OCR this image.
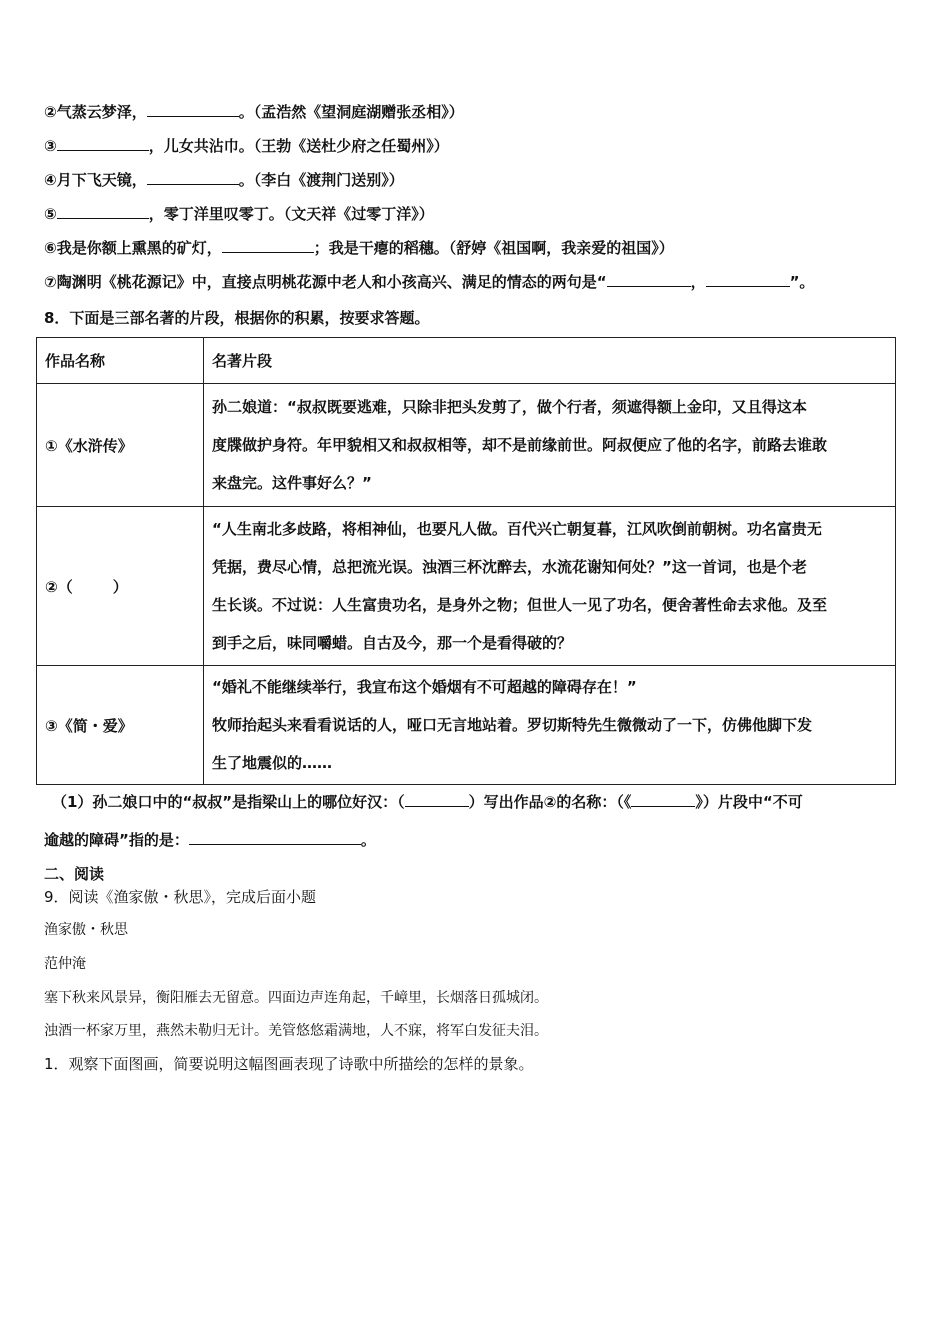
②气蒸云梦泽，	。（孟浩然《望洞庭湖赠张丞相》）
③	，儿女共沾巾。（王勃《送杜少府之任蜀州》）
④月下飞天镜，	。（李白《渡荆门送别》）
⑤	，零丁洋里叹零丁。（文天祥《过零丁洋》）
⑥我是你额上熏黑的矿灯，	；我是干瘪的稻穗。（舒婷《祖国啊，我亲爱的祖国》）
⑦陶渊明《桃花源记》中，直接点明桃花源中老人和小孩高兴、满足的情态的两句是“	，	”。
8．下面是三部名著的片段，根据你的积累，按要求答题。
作品名称	名著片段
①《水浒传》	孙二娘道：“叔叔既要逃难，只除非把头发剪了，做个行者，须遮得额上金印，又且得这本
度牒做护身符。年甲貌相又和叔叔相等，却不是前缘前世。阿叔便应了他的名字，前路去谁敢
来盘完。这件事好么？”

②（ ）	“人生南北多歧路，将相神仙，也要凡人做。百代兴亡朝复暮，江风吹倒前朝树。功名富贵无
凭据，费尽心情，总把流光误。浊酒三杯沈醉去，水流花谢知何处？”这一首词，也是个老
生长谈。不过说：人生富贵功名，是身外之物；但世人一见了功名，便舍著性命去求他。及至
到手之后，味同嚼蜡。自古及今，那一个是看得破的？

③《简・爱》	“婚礼不能继续举行，我宣布这个婚烟有不可超越的障碍存在！”
牧师抬起头来看看说话的人，哑口无言地站着。罗切斯特先生微微动了一下，仿佛他脚下发
生了地震似的……
（1）孙二娘口中的“叔叔”是指梁山上的哪位好汉：（	）写出作品②的名称：（《	》）片段中“不可
逾越的障碍”指的是：	。
二、阅读
9．阅读《渔家傲・秋思》，完成后面小题
渔家傲・秋思
范仲淹
塞下秋来风景异，衡阳雁去无留意。四面边声连角起，千嶂里，长烟落日孤城闭。
浊酒一杯家万里，燕然未勒归无计。羌管悠悠霜满地，人不寐，将军白发征夫泪。
1．观察下面图画，简要说明这幅图画表现了诗歌中所描绘的怎样的景象。
